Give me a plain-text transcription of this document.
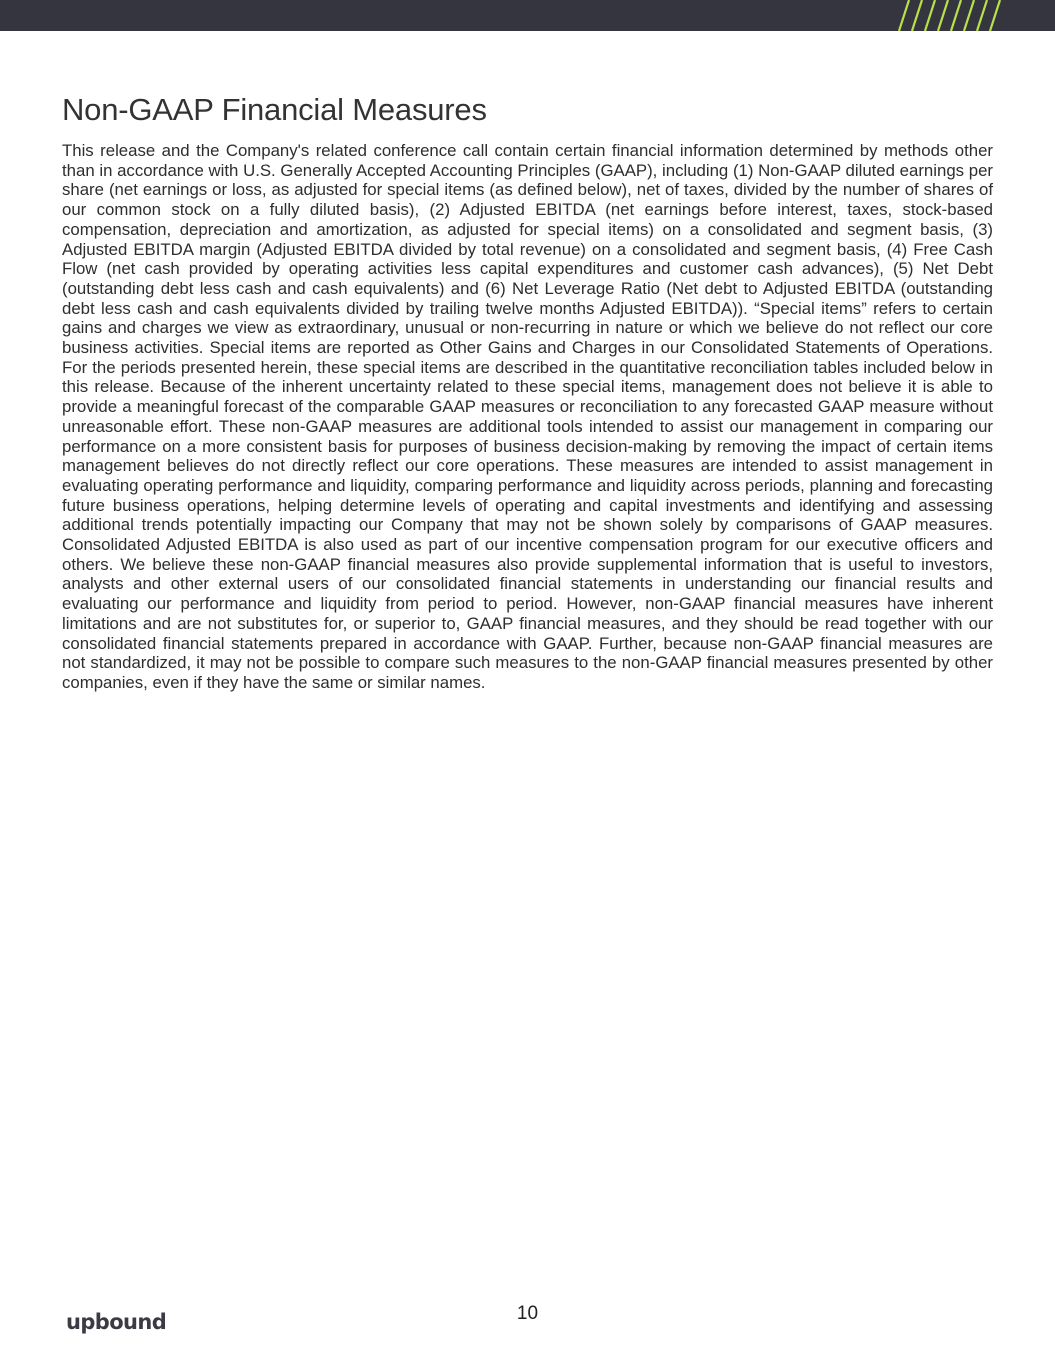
Non-GAAP Financial Measures

This release and the Company's related conference call contain certain financial information determined by methods other than in accordance with U.S. Generally Accepted Accounting Principles (GAAP), including (1) Non-GAAP diluted earnings per share (net earnings or loss, as adjusted for special items (as defined below), net of taxes, divided by the number of shares of our common stock on a fully diluted basis), (2) Adjusted EBITDA (net earnings before interest, taxes, stock-based compensation, depreciation and amortization, as adjusted for special items) on a consolidated and segment basis, (3) Adjusted EBITDA margin (Adjusted EBITDA divided by total revenue) on a consolidated and segment basis, (4) Free Cash Flow (net cash provided by operating activities less capital expenditures and customer cash advances), (5) Net Debt (outstanding debt less cash and cash equivalents) and (6) Net Leverage Ratio (Net debt to Adjusted EBITDA (outstanding debt less cash and cash equivalents divided by trailing twelve months Adjusted EBITDA)). “Special items” refers to certain gains and charges we view as extraordinary, unusual or non-recurring in nature or which we believe do not reflect our core business activities. Special items are reported as Other Gains and Charges in our Consolidated Statements of Operations. For the periods presented herein, these special items are described in the quantitative reconciliation tables included below in this release. Because of the inherent uncertainty related to these special items, management does not believe it is able to provide a meaningful forecast of the comparable GAAP measures or reconciliation to any forecasted GAAP measure without unreasonable effort. These non-GAAP measures are additional tools intended to assist our management in comparing our performance on a more consistent basis for purposes of business decision-making by removing the impact of certain items management believes do not directly reflect our core operations. These measures are intended to assist management in evaluating operating performance and liquidity, comparing performance and liquidity across periods, planning and forecasting future business operations, helping determine levels of operating and capital investments and identifying and assessing additional trends potentially impacting our Company that may not be shown solely by comparisons of GAAP measures. Consolidated Adjusted EBITDA is also used as part of our incentive compensation program for our executive officers and others. We believe these non-GAAP financial measures also provide supplemental information that is useful to investors, analysts and other external users of our consolidated financial statements in understanding our financial results and evaluating our performance and liquidity from period to period. However, non-GAAP financial measures have inherent limitations and are not substitutes for, or superior to, GAAP financial measures, and they should be read together with our consolidated financial statements prepared in accordance with GAAP. Further, because non-GAAP financial measures are not standardized, it may not be possible to compare such measures to the non-GAAP financial measures presented by other companies, even if they have the same or similar names.

upbound	10
